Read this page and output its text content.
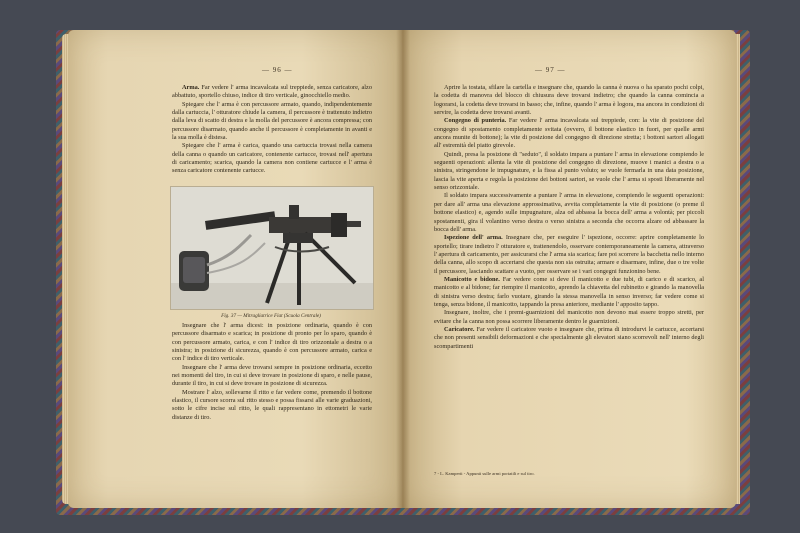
— 96 —

Arma. Far vedere l' arma incavalcata sul treppiede, senza caricatore, alzo abbattuto, sportello chiuso, indice di tiro verticale, ginocchiello medio.

Spiegare che l' arma è con percussore armato, quando, indipendentemente dalla cartuccia, l' otturatore chiude la camera, il percussore è trattenuto indietro dalla leva di scatto di destra e la molla del percussore è ancora compressa; con percussore disarmato, quando anche il percussore è completamente in avanti e la sua molla è distesa.

Spiegare che l' arma è carica, quando una cartuccia trovasi nella camera della canna o quando un caricatore, contenente cartucce, trovasi nell' apertura di caricamento; scarica, quando la camera non contiene cartucce e l' arma è senza caricatore contenente cartucce.

Fig. 37 — Mitragliatrice Fiat (Scuola Centrale)

Insegnare che l' arma dicesi: in posizione ordinaria, quando è con percussore disarmato e scarica; in posizione di pronto per lo sparo, quando è con percussore armato, carica, e con l' indice di tiro orizzontale a destra o a sinistra; in posizione di sicurezza, quando è con percussore armato, carica e con l' indice di tiro verticale.

Insegnare che l' arma deve trovarsi sempre in posizione ordinaria, eccetto nei momenti del tiro, in cui si deve trovare in posizione di sparo, e nelle pause, durante il tiro, in cui si deve trovare in posizione di sicurezza.

Mostrare l' alzo, sollevarne il ritto e far vedere come, premendo il bottone elastico, il cursore scorra sul ritto stesso e possa fissarsi alle varie graduazioni, sotto le cifre incise sul ritto, le quali rappresentano in ettometri le varie distanze di tiro.

— 97 —

Aprire la tostata, sfilare la cartella e insegnare che, quando la canna è nuova o ha sparato pochi colpi, la codetta di manovra del blocco di chiusura deve trovarsi indietro; che quando la canna comincia a logorarsi, la codetta deve trovarsi in basso; che, infine, quando l' arma è logora, ma ancora in condizioni di servire, la codetta deve trovarsi avanti.

Congegno di punteria. Far vedere l' arma incavalcata sul treppiede, con: la vite di posizione del congegno di spostamento completamente svitata (ovvero, il bottone elastico in fuori, per quelle armi ancora munite di bottone); la vite di posizione del congegno di direzione stretta; i bottoni sartori allogati all' estremità del piatto girevole.

Quindi, presa la posizione di "seduto", il soldato impara a puntare l' arma in elevazione compiendo le seguenti operazioni: allenta la vite di posizione del congegno di direzione, muove i manici a destra o a sinistra, stringendone le impugnature, e la fissa al punto voluto; se vuole fermarla in una data posizione, lascia la vite aperta e regola la posizione dei bottoni sartori, se vuole che l' arma si sposti liberamente nel senso orizzontale.

Il soldato impara successivamente a puntare l' arma in elevazione, compiendo le seguenti operazioni: per dare all' arma una elevazione approssimativa, avvita completamente la vite di posizione (o preme il bottone elastico) e, agendo sulle impugnature, alza od abbassa la bocca dell' arma a volontà; per piccoli spostamenti, gira il volantino verso destra o verso sinistra a seconda che occorra alzare od abbassare la bocca dell' arma.

Ispezione dell' arma. Insegnare che, per eseguire l' ispezione, occorre: aprire completamente lo sportello; tirare indietro l' otturatore e, trattenendolo, osservare contemporaneamente la camera, attraverso l' apertura di caricamento, per assicurarsi che l' arma sia scarica; fare poi scorrere la bacchetta nello interno della canna, allo scopo di accertarsi che questa non sia ostruita; armare e disarmare, infine, due o tre volte il percussore, lasciando scattare a vuoto, per osservare se i vari congegni funzionino bene.

Manicotto e bidone. Far vedere come si deve il manicotto e due tubi, di carico e di scarico, al manicotto e al bidone; far riempire il manicotto, aprendo la chiavetta del rubinetto e girando la manovella di sinistra verso destra; farlo vuotare, girando la stessa manovella in senso inverso; far vedere come si tenga, senza bidone, il manicotto, tappando la presa anteriore, mediante l' apposito tappo.

Insegnare, inoltre, che i premi-guarnizioni del manicotto non devono mai essere troppo stretti, per evitare che la canna non possa scorrere liberamente dentro le guarnizioni.

Caricatore. Far vedere il caricatore vuoto e insegnare che, prima di introdurvi le cartucce, accertarsi che non presenti sensibili deformazioni e che specialmente gli elevatori siano scorrevoli nell' interno degli scompartimenti

7 - L. Kamperti - Appunti sulle armi portatili e sul tiro.
